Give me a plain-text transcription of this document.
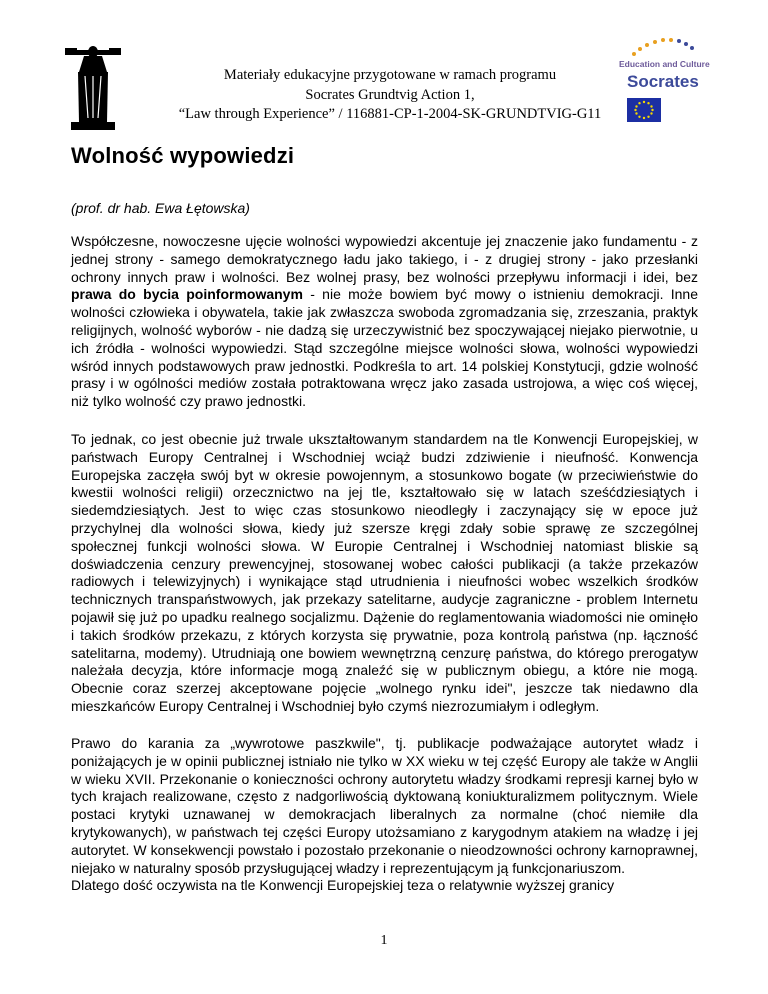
Materiały edukacyjne przygotowane w ramach programu
Socrates Grundtvig Action 1,
“Law through Experience” / 116881-CP-1-2004-SK-GRUNDTVIG-G11
Education and Culture
Socrates
Wolność wypowiedzi
(prof. dr hab. Ewa Łętowska)
Współczesne, nowoczesne ujęcie wolności wypowiedzi akcentuje jej znaczenie jako fundamentu - z jednej strony - samego demokratycznego ładu jako takiego, i - z drugiej strony - jako przesłanki ochrony innych praw i wolności. Bez wolnej prasy, bez wolności przepływu informacji i idei, bez prawa do bycia poinformowanym - nie może bowiem być mowy o istnieniu demokracji. Inne wolności człowieka i obywatela, takie jak zwłaszcza swoboda zgromadzania się, zrzeszania, praktyk religijnych, wolność wyborów - nie dadzą się urzeczywistnić bez spoczywającej niejako pierwotnie, u ich źródła - wolności wypowiedzi. Stąd szczególne miejsce wolności słowa, wolności wypowiedzi wśród innych podstawowych praw jednostki. Podkreśla to art. 14 polskiej Konstytucji, gdzie wolność prasy i w ogólności mediów została potraktowana wręcz jako zasada ustrojowa, a więc coś więcej, niż tylko wolność czy prawo jednostki.
To jednak, co jest obecnie już trwale ukształtowanym standardem na tle Konwencji Europejskiej, w państwach Europy Centralnej i Wschodniej wciąż budzi zdziwienie i nieufność. Konwencja Europejska zaczęła swój byt w okresie powojennym, a stosunkowo bogate (w przeciwieństwie do kwestii wolności religii) orzecznictwo na jej tle, kształtowało się w latach sześćdziesiątych i siedemdziesiątych. Jest to więc czas stosunkowo nieodległy i zaczynający się w epoce już przychylnej dla wolności słowa, kiedy już szersze kręgi zdały sobie sprawę ze szczególnej społecznej funkcji wolności słowa. W Europie Centralnej i Wschodniej natomiast bliskie są doświadczenia cenzury prewencyjnej, stosowanej wobec całości publikacji (a także przekazów radiowych i telewizyjnych) i wynikające stąd utrudnienia i nieufności wobec wszelkich środków technicznych transpaństwowych, jak przekazy satelitarne, audycje zagraniczne - problem Internetu pojawił się już po upadku realnego socjalizmu. Dążenie do reglamentowania wiadomości nie ominęło i takich środków przekazu, z których korzysta się prywatnie, poza kontrolą państwa (np. łączność satelitarna, modemy). Utrudniają one bowiem wewnętrzną cenzurę państwa, do którego prerogatyw należała decyzja, które informacje mogą znaleźć się w publicznym obiegu, a które nie mogą. Obecnie coraz szerzej akceptowane pojęcie „wolnego rynku idei", jeszcze tak niedawno dla mieszkańców Europy Centralnej i Wschodniej było czymś niezrozumiałym i odległym.
Prawo do karania za „wywrotowe paszkwile", tj. publikacje podważające autorytet władz i poniżających je w opinii publicznej istniało nie tylko w XX wieku w tej część Europy ale także w Anglii w wieku XVII. Przekonanie o konieczności ochrony autorytetu władzy środkami represji karnej było w tych krajach realizowane, często z nadgorliwością dyktowaną koniukturalizmem politycznym. Wiele postaci krytyki uznawanej w demokracjach liberalnych za normalne (choć niemiłe dla krytykowanych), w państwach tej części Europy utożsamiano z karygodnym atakiem na władzę i jej autorytet. W konsekwencji powstało i pozostało przekonanie o nieodzowności ochrony karnoprawnej, niejako w naturalny sposób przysługującej władzy i reprezentującym ją funkcjonariuszom.
Dlatego dość oczywista na tle Konwencji Europejskiej teza o relatywnie wyższej granicy
1
